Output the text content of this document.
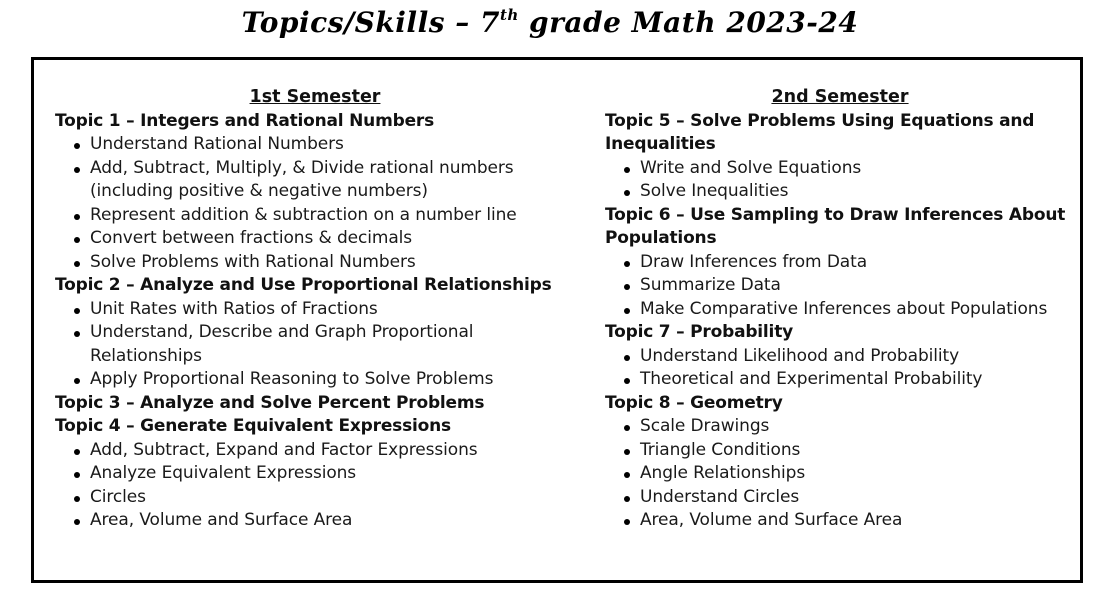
Topics/Skills – 7th grade Math 2023-24
1st Semester
Topic 1 – Integers and Rational Numbers
Understand Rational Numbers
Add, Subtract, Multiply, & Divide rational numbers (including positive & negative numbers)
Represent addition & subtraction on a number line
Convert between fractions & decimals
Solve Problems with Rational Numbers
Topic 2 – Analyze and Use Proportional Relationships
Unit Rates with Ratios of Fractions
Understand, Describe and Graph Proportional Relationships
Apply Proportional Reasoning to Solve Problems
Topic 3 – Analyze and Solve Percent Problems
Topic 4 – Generate Equivalent Expressions
Add, Subtract, Expand and Factor Expressions
Analyze Equivalent Expressions
Circles
Area, Volume and Surface Area
2nd Semester
Topic 5 – Solve Problems Using Equations and Inequalities
Write and Solve Equations
Solve Inequalities
Topic 6 – Use Sampling to Draw Inferences About Populations
Draw Inferences from Data
Summarize Data
Make Comparative Inferences about Populations
Topic 7 – Probability
Understand Likelihood and Probability
Theoretical and Experimental Probability
Topic 8 – Geometry
Scale Drawings
Triangle Conditions
Angle Relationships
Understand Circles
Area, Volume and Surface Area
